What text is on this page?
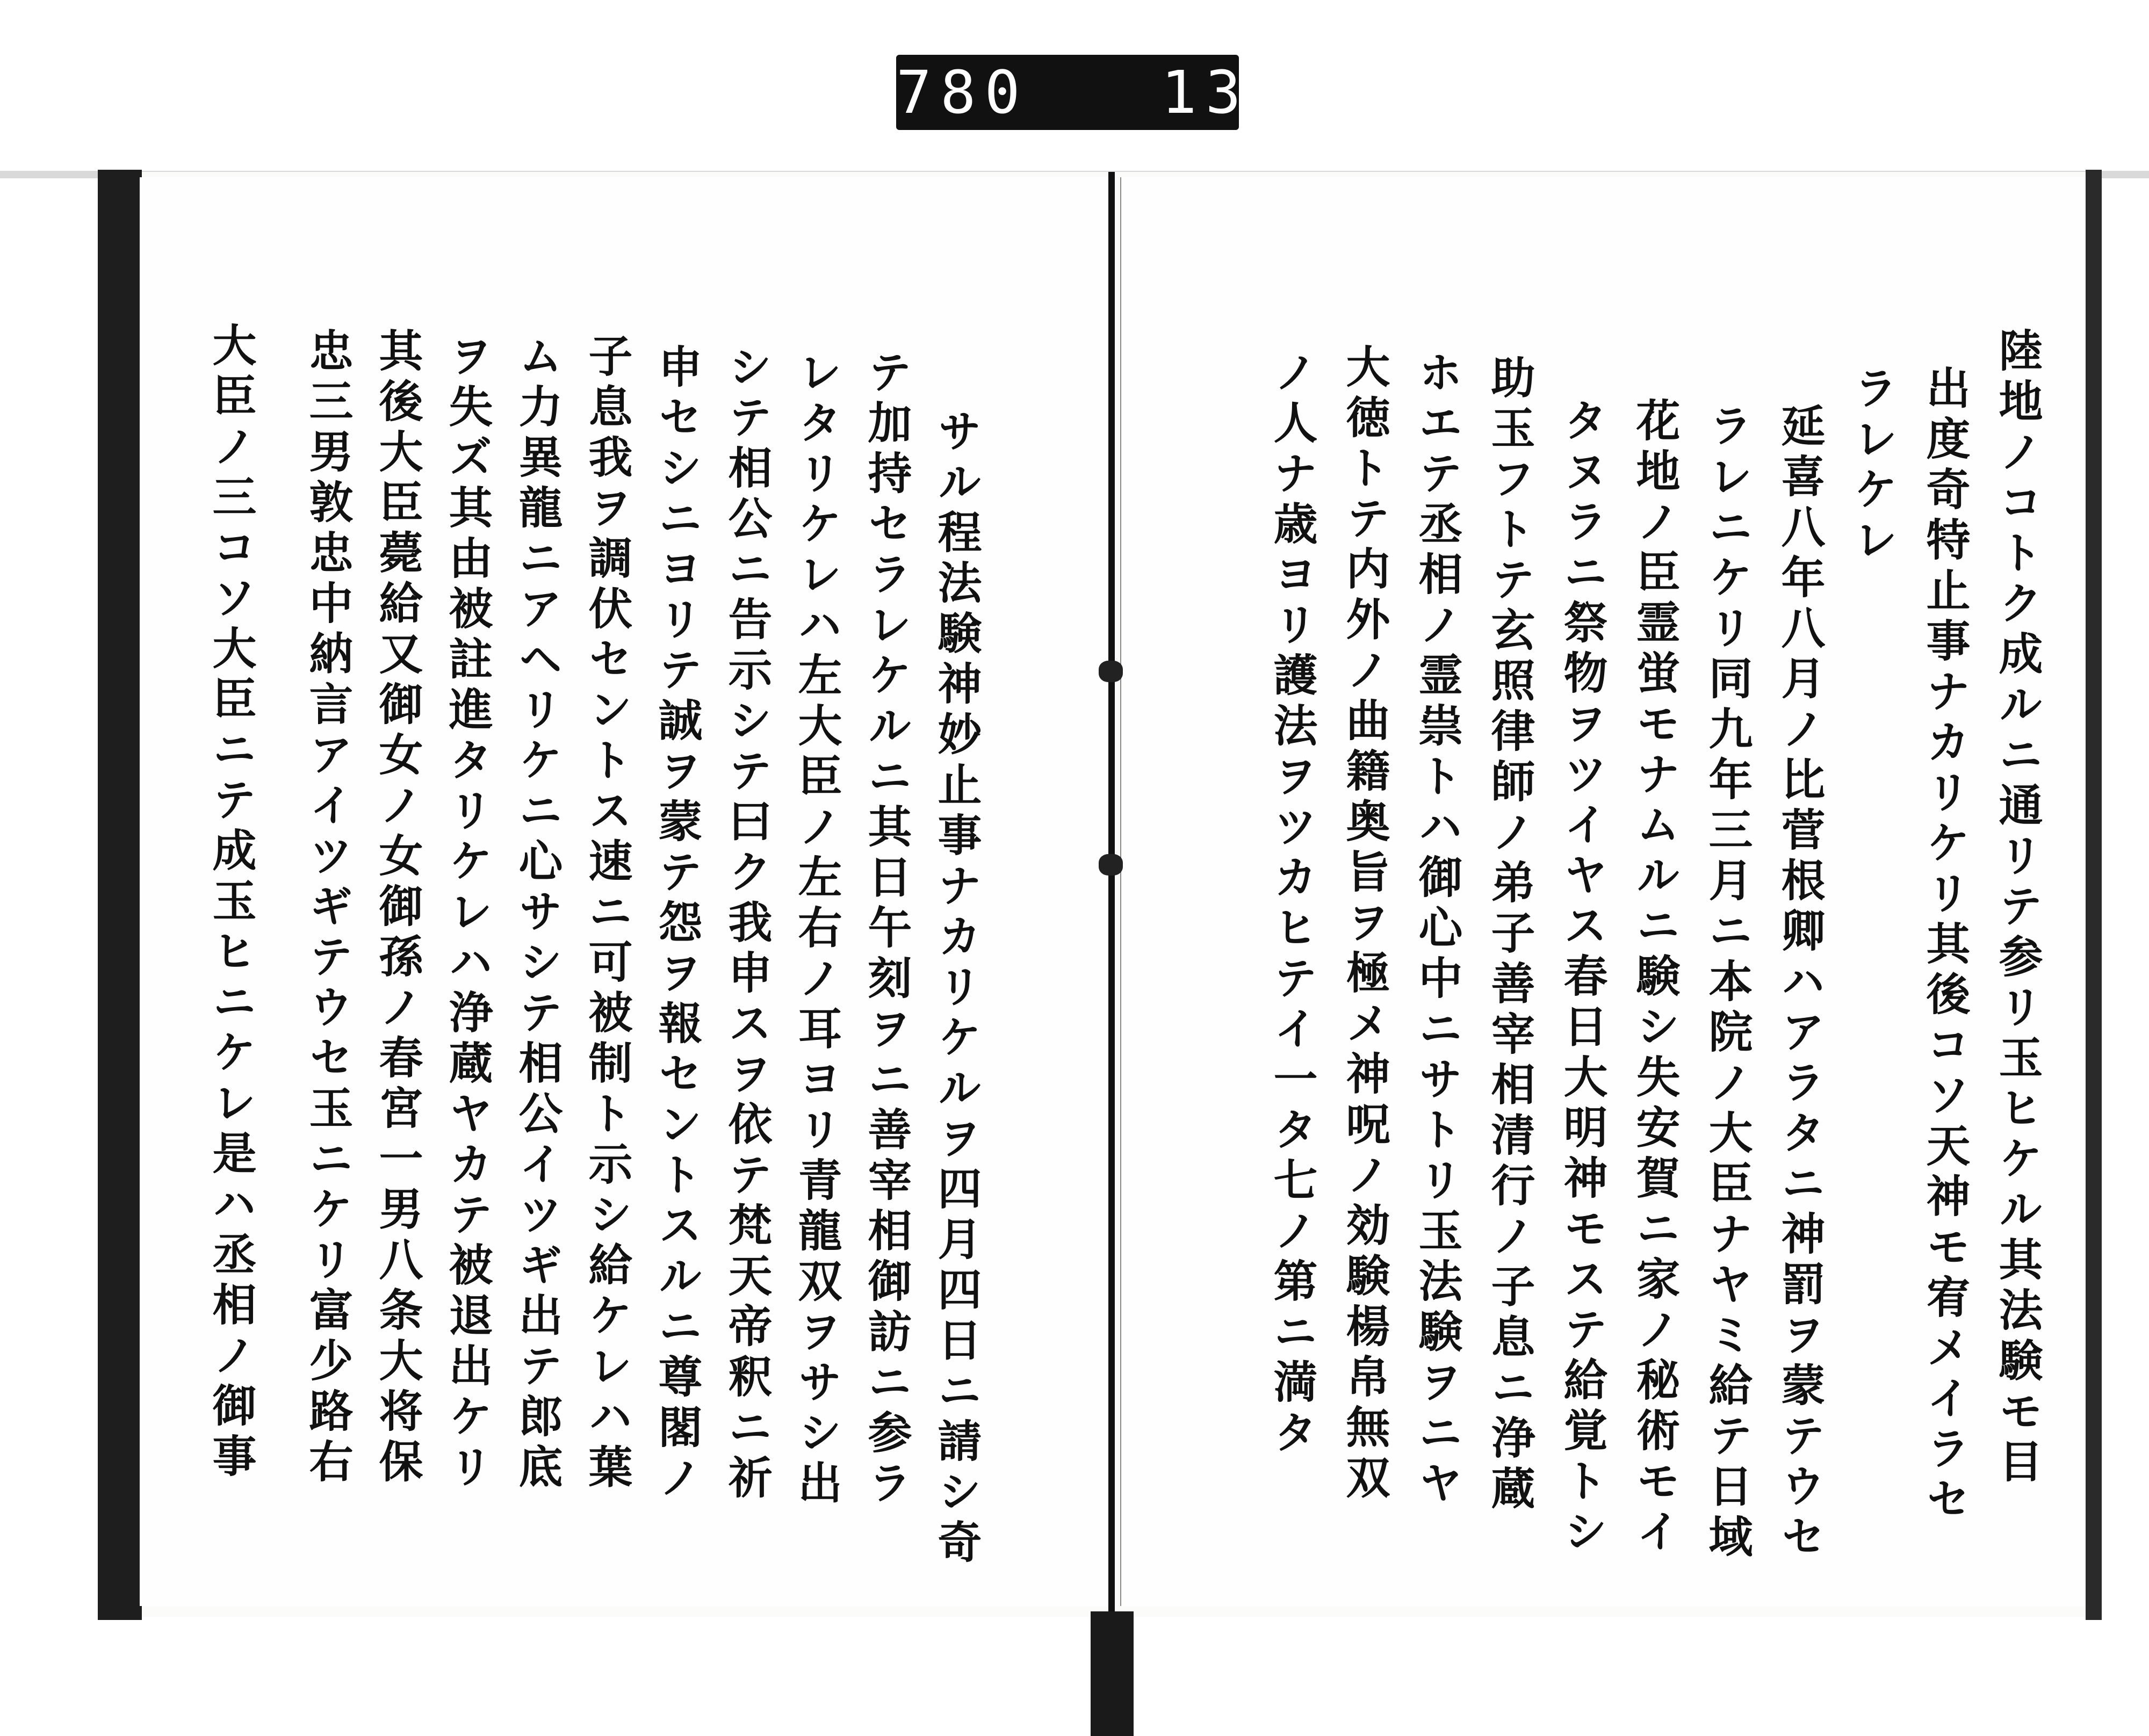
780   133
陸地ノコトク成ルニ通リテ参リ玉ヒケル其法験モ目
出度奇特止事ナカリケリ其後コソ天神モ宥メイラセ
ラレケレ
延喜八年八月ノ比菅根卿ハアラタニ神罰ヲ蒙テウセ
ラレニケリ同九年三月ニ本院ノ大臣ナヤミ給テ日域
花地ノ臣霊蛍モナムルニ験シ失安賀ニ家ノ秘術モイ
タヌラニ祭物ヲツイヤス春日大明神モステ給覚トシ
助玉フトテ玄照律師ノ弟子善宰相清行ノ子息ニ浄蔵
ホエテ丞相ノ霊祟トハ御心中ニサトリ玉法験ヲニヤ
大徳トテ内外ノ曲籍奥旨ヲ極メ神呪ノ効験楊帛無双
ノ人ナ歳ヨリ護法ヲツカヒテイ一タ七ノ第ニ満タ
サル程法験神妙止事ナカリケルヲ四月四日ニ請シ奇
テ加持セラレケルニ其日午刻ヲニ善宰相御訪ニ参ラ
レタリケレハ左大臣ノ左右ノ耳ヨリ青龍双ヲサシ出
シテ相公ニ告示シテ曰ク我申スヲ依テ梵天帝釈ニ祈
申セシニヨリテ誠ヲ蒙テ怨ヲ報セントスルニ尊閣ノ
子息我ヲ調伏セントス速ニ可被制ト示シ給ケレハ葉
ム力異龍ニアヘリケニ心サシテ相公イツギ出テ郎底
ヲ失ズ其由被註進タリケレハ浄蔵ヤカテ被退出ケリ
其後大臣薨給又御女ノ女御孫ノ春宮一男八条大将保
忠三男敦忠中納言アイツギテウセ玉ニケリ富少路右
大臣ノ三コソ大臣ニテ成玉ヒニケレ是ハ丞相ノ御事
